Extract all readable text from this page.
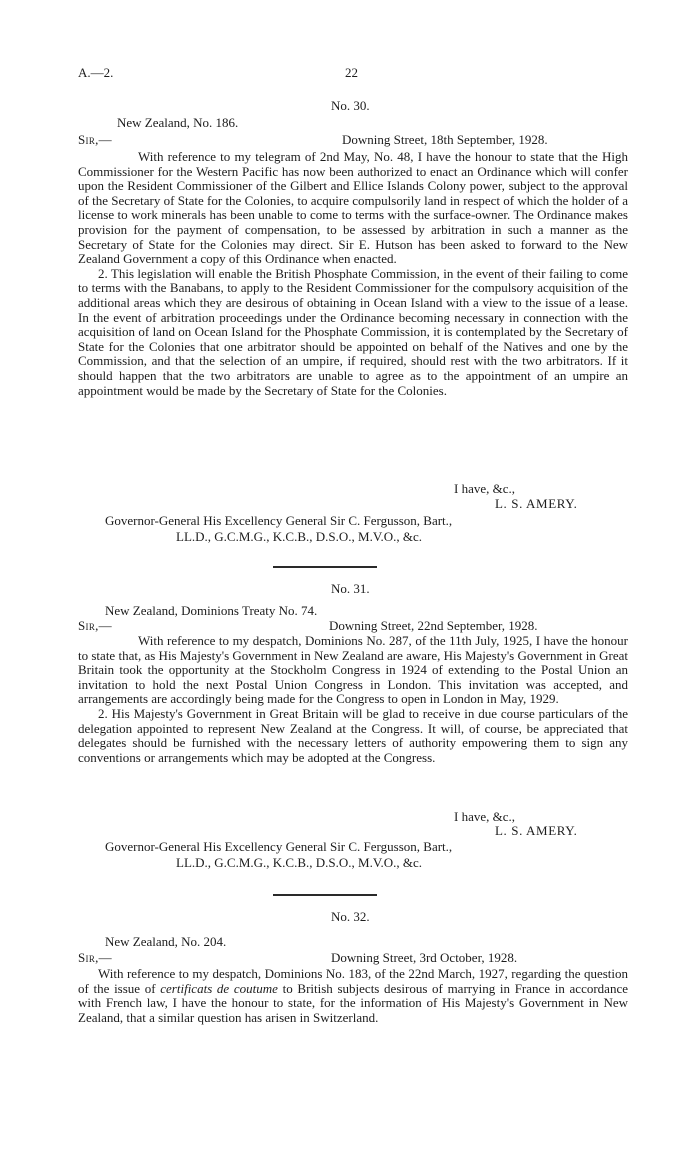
A.—2.	22
No. 30.
New Zealand, No. 186.
Sir,—	Downing Street, 18th September, 1928.

With reference to my telegram of 2nd May, No. 48, I have the honour to state that the High Commissioner for the Western Pacific has now been authorized to enact an Ordinance which will confer upon the Resident Commissioner of the Gilbert and Ellice Islands Colony power, subject to the approval of the Secretary of State for the Colonies, to acquire compulsorily land in respect of which the holder of a license to work minerals has been unable to come to terms with the surface-owner. The Ordinance makes provision for the payment of compensation, to be assessed by arbitration in such a manner as the Secretary of State for the Colonies may direct. Sir E. Hutson has been asked to forward to the New Zealand Government a copy of this Ordinance when enacted.

2. This legislation will enable the British Phosphate Commission, in the event of their failing to come to terms with the Banabans, to apply to the Resident Commissioner for the compulsory acquisition of the additional areas which they are desirous of obtaining in Ocean Island with a view to the issue of a lease. In the event of arbitration proceedings under the Ordinance becoming necessary in connection with the acquisition of land on Ocean Island for the Phosphate Commission, it is contemplated by the Secretary of State for the Colonies that one arbitrator should be appointed on behalf of the Natives and one by the Commission, and that the selection of an umpire, if required, should rest with the two arbitrators. If it should happen that the two arbitrators are unable to agree as to the appointment of an umpire an appointment would be made by the Secretary of State for the Colonies.

I have, &c.,
L. S. AMERY.
Governor-General His Excellency General Sir C. Fergusson, Bart.,
LL.D., G.C.M.G., K.C.B., D.S.O., M.V.O., &c.
No. 31.
New Zealand, Dominions Treaty No. 74.
Sir,—	Downing Street, 22nd September, 1928.

With reference to my despatch, Dominions No. 287, of the 11th July, 1925, I have the honour to state that, as His Majesty's Government in New Zealand are aware, His Majesty's Government in Great Britain took the opportunity at the Stockholm Congress in 1924 of extending to the Postal Union an invitation to hold the next Postal Union Congress in London. This invitation was accepted, and arrangements are accordingly being made for the Congress to open in London in May, 1929.

2. His Majesty's Government in Great Britain will be glad to receive in due course particulars of the delegation appointed to represent New Zealand at the Congress. It will, of course, be appreciated that delegates should be furnished with the necessary letters of authority empowering them to sign any conventions or arrangements which may be adopted at the Congress.

I have, &c.,
L. S. AMERY.
Governor-General His Excellency General Sir C. Fergusson, Bart.,
LL.D., G.C.M.G., K.C.B., D.S.O., M.V.O., &c.
No. 32.
New Zealand, No. 204.
Sir,—	Downing Street, 3rd October, 1928.

With reference to my despatch, Dominions No. 183, of the 22nd March, 1927, regarding the question of the issue of certificats de coutume to British subjects desirous of marrying in France in accordance with French law, I have the honour to state, for the information of His Majesty's Government in New Zealand, that a similar question has arisen in Switzerland.
